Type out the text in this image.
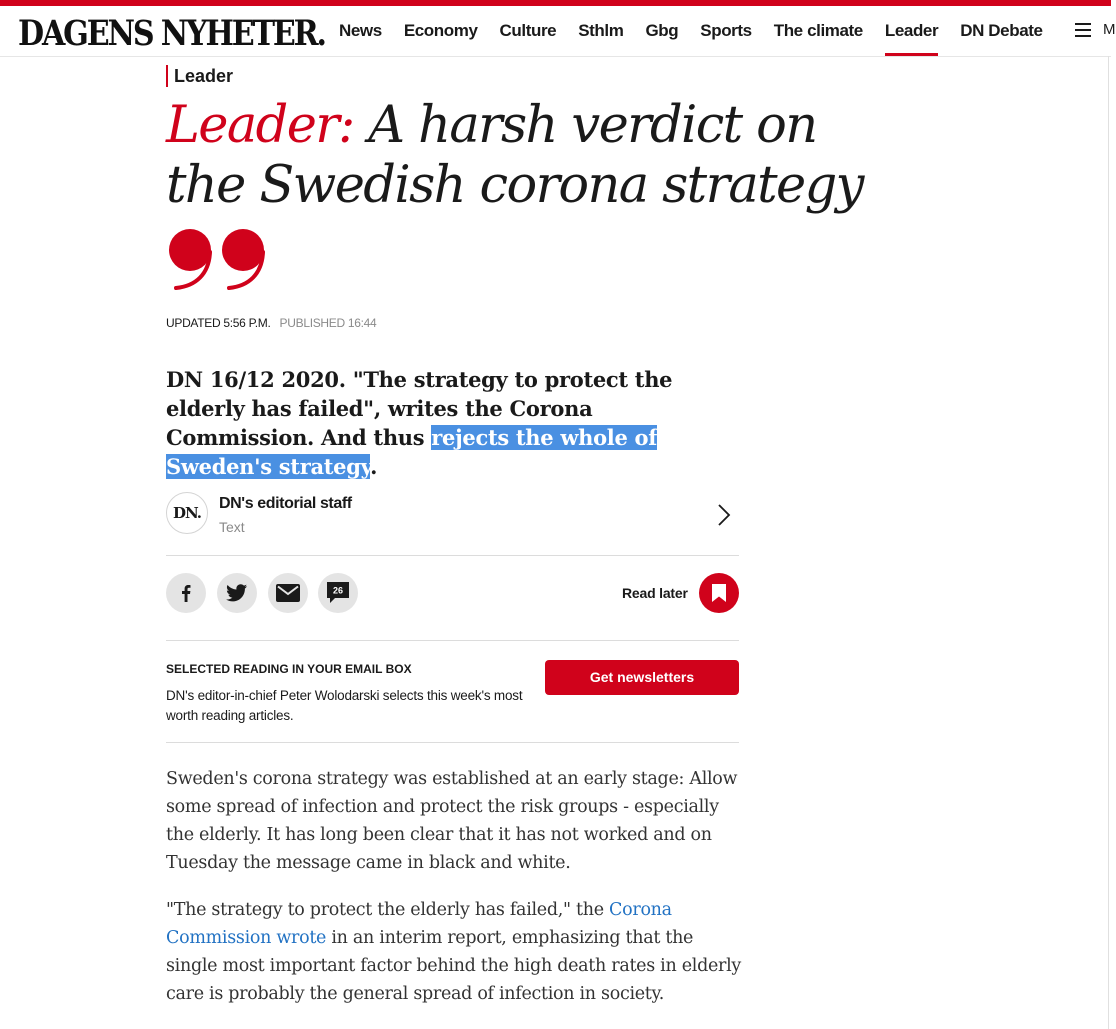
DAGENS NYHETER. News Economy Culture Sthlm Gbg Sports The climate Leader DN Debate	M
Leader
Leader: A harsh verdict on the Swedish corona strategy
UPDATED 5:56 P.M. PUBLISHED 16:44

DN 16/12 2020. "The strategy to protect the elderly has failed", writes the Corona Commission. And thus rejects the whole of Sweden's strategy.

DN.
DN's editorial staff
Text
26	Read later
SELECTED READING IN YOUR EMAIL BOX
DN's editor-in-chief Peter Wolodarski selects this week's most worth reading articles.
Get newsletters

Sweden's corona strategy was established at an early stage: Allow some spread of infection and protect the risk groups - especially the elderly. It has long been clear that it has not worked and on Tuesday the message came in black and white.

"The strategy to protect the elderly has failed," the Corona Commission wrote in an interim report, emphasizing that the single most important factor behind the high death rates in elderly care is probably the general spread of infection in society.
